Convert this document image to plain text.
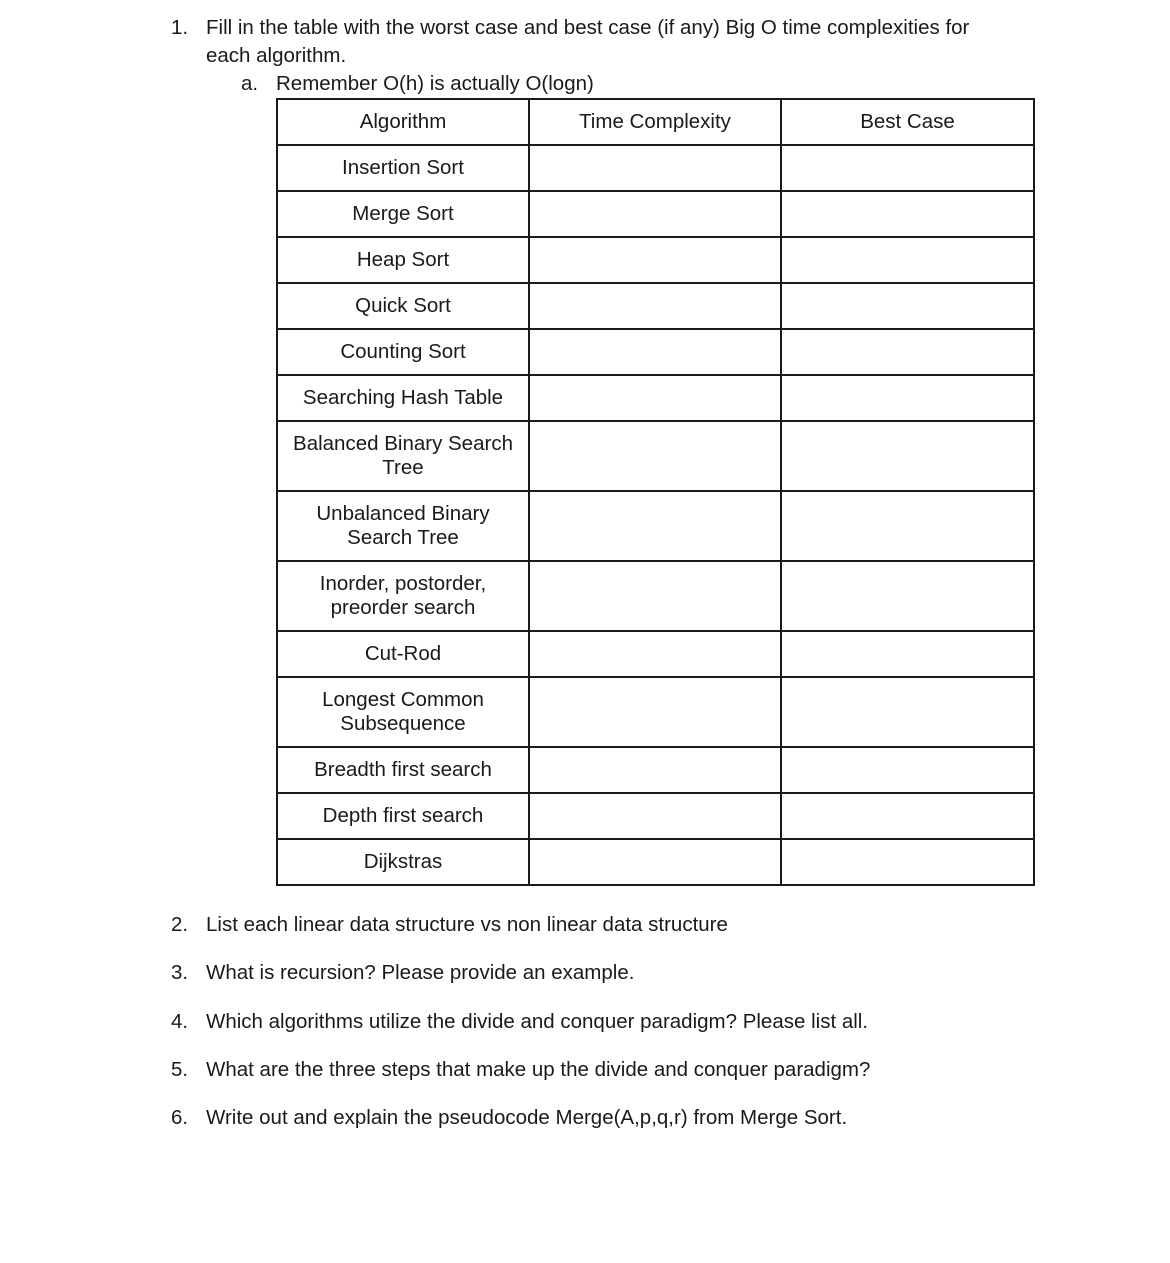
1. Fill in the table with the worst case and best case (if any) Big O time complexities for
each algorithm.
a. Remember O(h) is actually O(logn)
Algorithm	Time Complexity	Best Case
Insertion Sort		
Merge Sort		
Heap Sort		
Quick Sort		
Counting Sort		
Searching Hash Table		
Balanced Binary Search Tree		
Unbalanced Binary Search Tree		
Inorder, postorder, preorder search		
Cut-Rod		
Longest Common Subsequence		
Breadth first search		
Depth first search		
Dijkstras		
2. List each linear data structure vs non linear data structure
3. What is recursion? Please provide an example.
4. Which algorithms utilize the divide and conquer paradigm? Please list all.
5. What are the three steps that make up the divide and conquer paradigm?
6. Write out and explain the pseudocode Merge(A,p,q,r) from Merge Sort.
